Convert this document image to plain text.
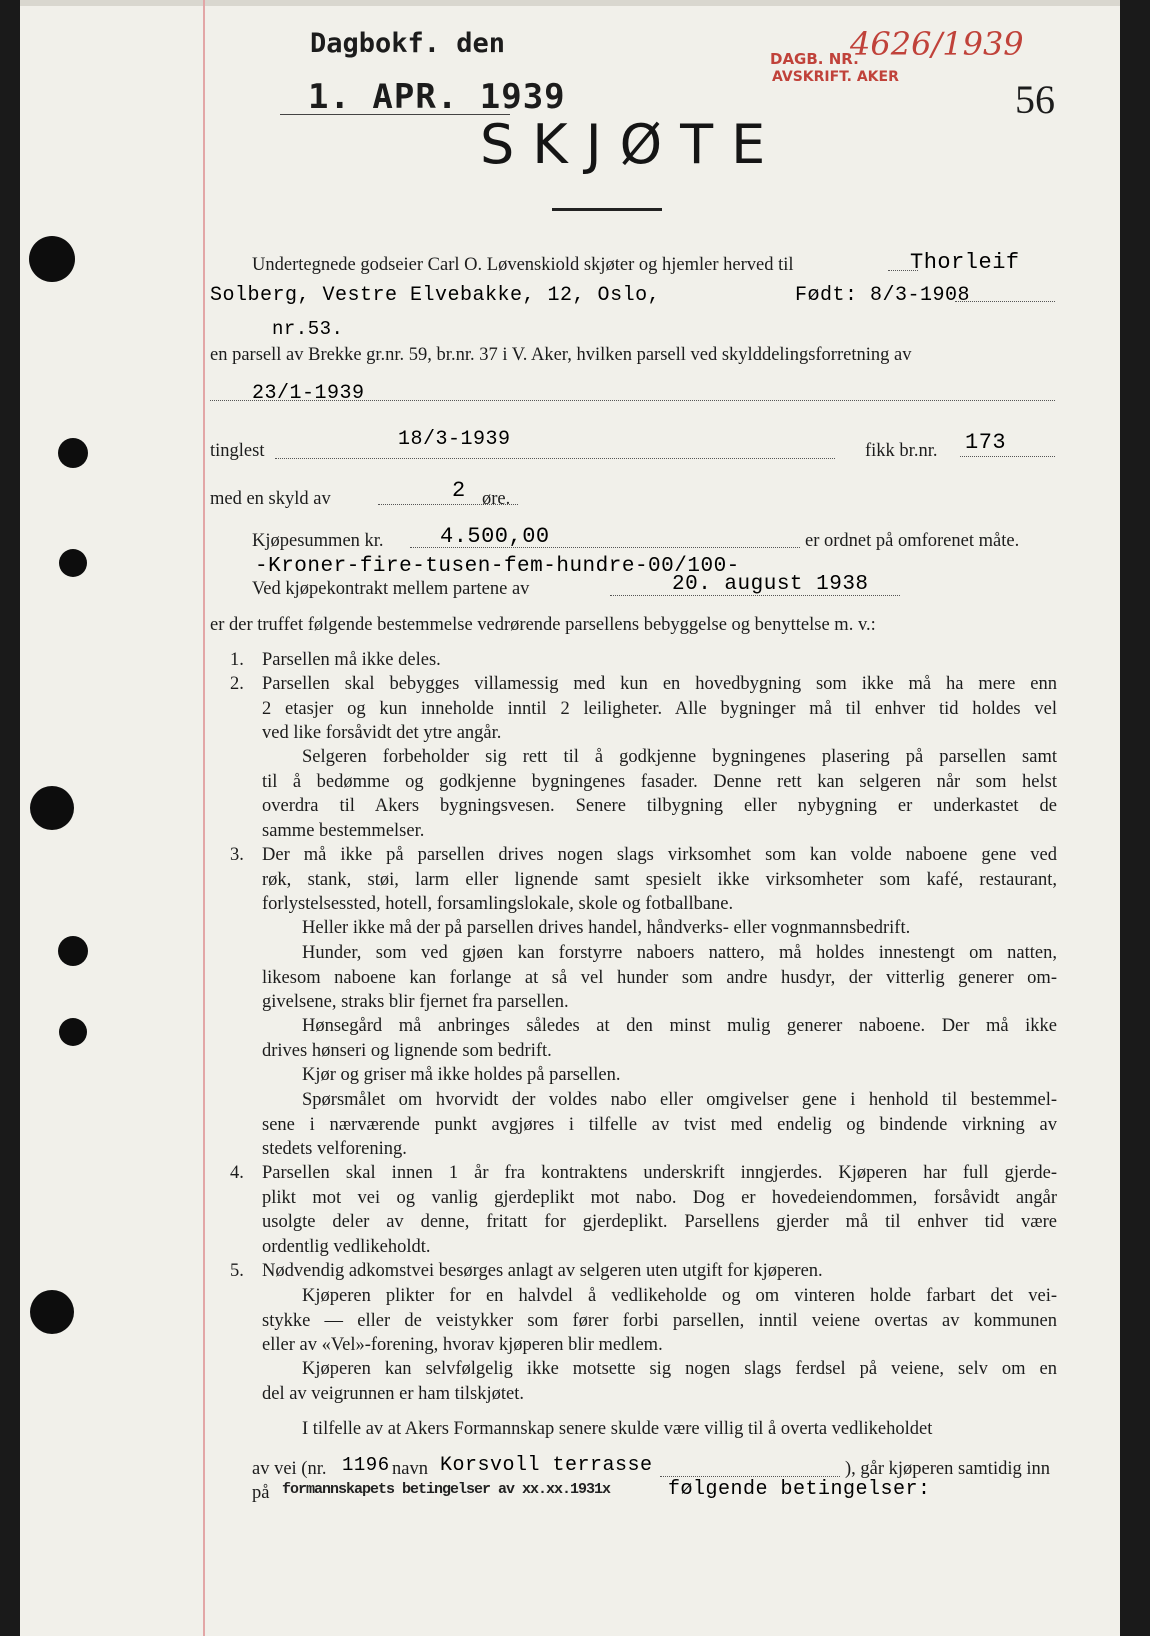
Dagbokf. den
1. APR. 1939
DAGB. NR.
4626/1939
AVSKRIFT. AKER	56
SKJØTE
Undertegnede godseier Carl O. Løvenskiold skjøter og hjemler herved til	Thorleif
Solberg, Vestre Elvebakke, 12, Oslo,	Født: 8/3-1908
nr.53.
en parsell av Brekke gr.nr. 59, br.nr. 37 i V. Aker, hvilken parsell ved skylddelingsforretning av
23/1-1939
tinglest	18/3-1939	fikk br.nr. 173
med en skyld av	2 øre.
Kjøpesummen kr.	4.500,00	er ordnet på omforenet måte.
-Kroner-fire-tusen-fem-hundre-00/100-
Ved kjøpekontrakt mellem partene av	20. august 1938
er der truffet følgende bestemmelse vedrørende parsellens bebyggelse og benyttelse m. v.:
1. Parsellen må ikke deles.
2. Parsellen skal bebygges villamessig med kun en hovedbygning som ikke må ha mere enn
2 etasjer og kun inneholde inntil 2 leiligheter. Alle bygninger må til enhver tid holdes vel
ved like forsåvidt det ytre angår.
Selgeren forbeholder sig rett til å godkjenne bygningenes plasering på parsellen samt
til å bedømme og godkjenne bygningenes fasader. Denne rett kan selgeren når som helst
overdra til Akers bygningsvesen. Senere tilbygning eller nybygning er underkastet de
samme bestemmelser.
3. Der må ikke på parsellen drives nogen slags virksomhet som kan volde naboene gene ved
røk, stank, støi, larm eller lignende samt spesielt ikke virksomheter som kafé, restaurant,
forlystelsessted, hotell, forsamlingslokale, skole og fotballbane.
Heller ikke må der på parsellen drives handel, håndverks- eller vognmannsbedrift.
Hunder, som ved gjøen kan forstyrre naboers nattero, må holdes innestengt om natten,
likesom naboene kan forlange at så vel hunder som andre husdyr, der vitterlig generer om-
givelsene, straks blir fjernet fra parsellen.
Hønsegård må anbringes således at den minst mulig generer naboene. Der må ikke
drives hønseri og lignende som bedrift.
Kjør og griser må ikke holdes på parsellen.
Spørsmålet om hvorvidt der voldes nabo eller omgivelser gene i henhold til bestemmel-
sene i nærværende punkt avgjøres i tilfelle av tvist med endelig og bindende virkning av
stedets velforening.
4. Parsellen skal innen 1 år fra kontraktens underskrift inngjerdes. Kjøperen har full gjerde-
plikt mot vei og vanlig gjerdeplikt mot nabo. Dog er hovedeiendommen, forsåvidt angår
usolgte deler av denne, fritatt for gjerdeplikt. Parsellens gjerder må til enhver tid være
ordentlig vedlikeholdt.
5. Nødvendig adkomstvei besørges anlagt av selgeren uten utgift for kjøperen.
Kjøperen plikter for en halvdel å vedlikeholde og om vinteren holde farbart det vei-
stykke — eller de veistykker som fører forbi parsellen, inntil veiene overtas av kommunen
eller av «Vel»-forening, hvorav kjøperen blir medlem.
Kjøperen kan selvfølgelig ikke motsette sig nogen slags ferdsel på veiene, selv om en
del av veigrunnen er ham tilskjøtet.
I tilfelle av at Akers Formannskap senere skulde være villig til å overta vedlikeholdet
av vei (nr. 1196 navn Korsvoll terrasse	), går kjøperen samtidig inn
på formannskapets betingelser av xx.xx.1931x	følgende betingelser:
